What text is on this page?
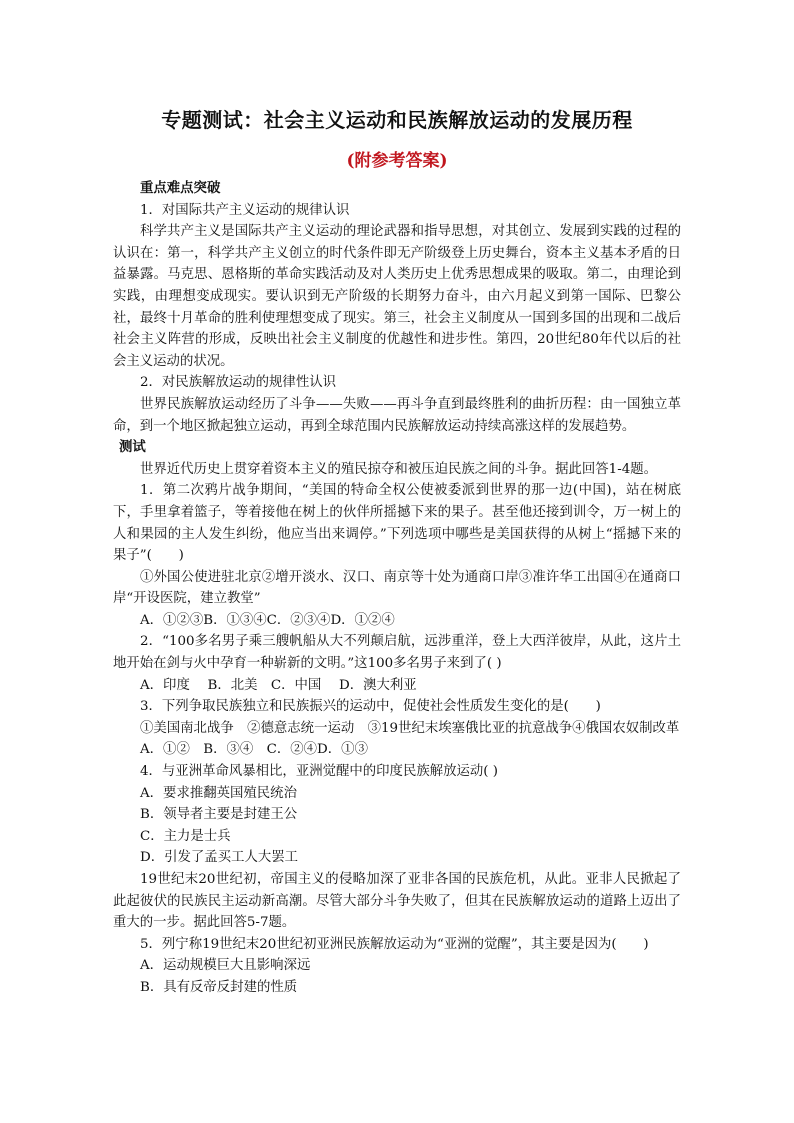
专题测试：社会主义运动和民族解放运动的发展历程
(附参考答案)

重点难点突破

1．对国际共产主义运动的规律认识

科学共产主义是国际共产主义运动的理论武器和指导思想，对其创立、发展到实践的过程的认识在：第一，科学共产主义创立的时代条件即无产阶级登上历史舞台，资本主义基本矛盾的日益暴露。马克思、恩格斯的革命实践活动及对人类历史上优秀思想成果的吸取。第二，由理论到实践，由理想变成现实。要认识到无产阶级的长期努力奋斗，由六月起义到第一国际、巴黎公社，最终十月革命的胜利使理想变成了现实。第三，社会主义制度从一国到多国的出现和二战后社会主义阵营的形成，反映出社会主义制度的优越性和进步性。第四，20世纪80年代以后的社会主义运动的状况。

2．对民族解放运动的规律性认识

世界民族解放运动经历了斗争——失败——再斗争直到最终胜利的曲折历程：由一国独立革命，到一个地区掀起独立运动，再到全球范围内民族解放运动持续高涨这样的发展趋势。

测试

世界近代历史上贯穿着资本主义的殖民掠夺和被压迫民族之间的斗争。据此回答1-4题。

1．第二次鸦片战争期间，“美国的特命全权公使被委派到世界的那一边(中国)，站在树底下，手里拿着篮子，等着接他在树上的伙伴所摇撼下来的果子。甚至他还接到训令，万一树上的人和果园的主人发生纠纷，他应当出来调停。”下列选项中哪些是美国获得的从树上“摇撼下来的果子”(　　)

①外国公使进驻北京②增开淡水、汉口、南京等十处为通商口岸③准许华工出国④在通商口岸“开设医院，建立教堂”

A．①②③B．①③④C．②③④D．①②④

2．“100多名男子乘三艘帆船从大不列颠启航，远涉重洋，登上大西洋彼岸，从此，这片土地开始在剑与火中孕育一种崭新的文明。”这100多名男子来到了( )

A．印度　 B．北美　C．中国　 D．澳大利亚

3．下列争取民族独立和民族振兴的运动中，促使社会性质发生变化的是(　　)

①美国南北战争　②德意志统一运动　③19世纪末埃塞俄比亚的抗意战争④俄国农奴制改革

A．①②　B．③④　C．②④D．①③

4．与亚洲革命风暴相比，亚洲觉醒中的印度民族解放运动( )

A．要求推翻英国殖民统治

B．领导者主要是封建王公

C．主力是士兵

D．引发了孟买工人大罢工

19世纪末20世纪初，帝国主义的侵略加深了亚非各国的民族危机，从此。亚非人民掀起了此起彼伏的民族民主运动新高潮。尽管大部分斗争失败了，但其在民族解放运动的道路上迈出了重大的一步。据此回答5-7题。

5．列宁称19世纪末20世纪初亚洲民族解放运动为“亚洲的觉醒”，其主要是因为(　　)

A．运动规模巨大且影响深远

B．具有反帝反封建的性质
